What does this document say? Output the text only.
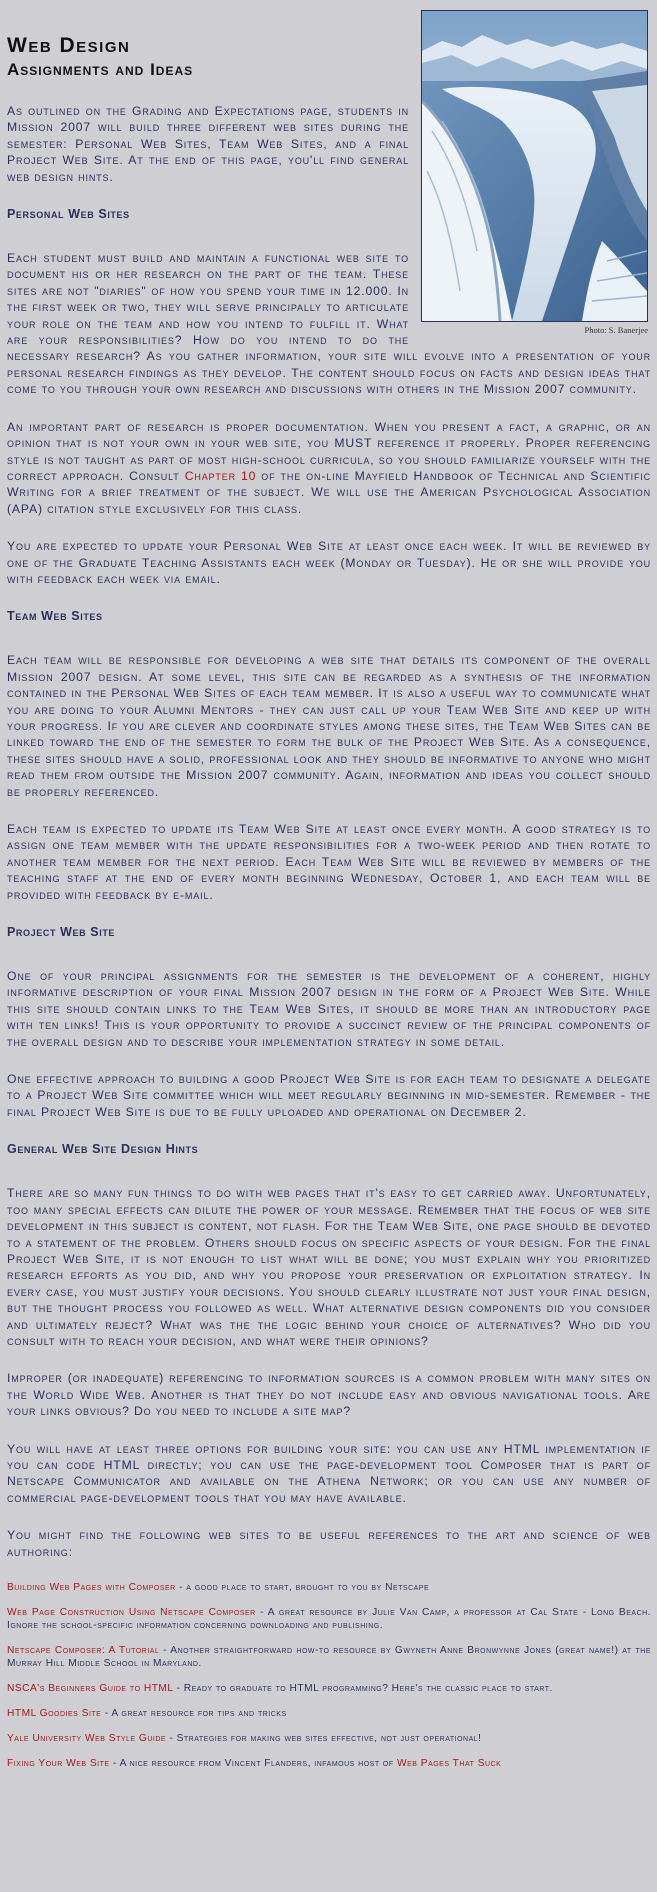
Photo: S. Banerjee
Web Design
Assignments and Ideas

As outlined on the Grading and Expectations page, students in Mission 2007 will build three different web sites during the semester: Personal Web Sites, Team Web Sites, and a final Project Web Site. At the end of this page, you'll find general web design hints.

Personal Web Sites

Each student must build and maintain a functional web site to document his or her research on the part of the team. These sites are not "diaries" of how you spend your time in 12.000. In the first week or two, they will serve principally to articulate your role on the team and how you intend to fulfill it. What are your responsibilities? How do you intend to do the necessary research? As you gather information, your site will evolve into a presentation of your personal research findings as they develop. The content should focus on facts and design ideas that come to you through your own research and discussions with others in the Mission 2007 community.

An important part of research is proper documentation. When you present a fact, a graphic, or an opinion that is not your own in your web site, you MUST reference it properly. Proper referencing style is not taught as part of most high-school curricula, so you should familiarize yourself with the correct approach. Consult Chapter 10 of the on-line Mayfield Handbook of Technical and Scientific Writing for a brief treatment of the subject. We will use the American Psychological Association (APA) citation style exclusively for this class.

You are expected to update your Personal Web Site at least once each week. It will be reviewed by one of the Graduate Teaching Assistants each week (Monday or Tuesday). He or she will provide you with feedback each week via email.

Team Web Sites

Each team will be responsible for developing a web site that details its component of the overall Mission 2007 design. At some level, this site can be regarded as a synthesis of the information contained in the Personal Web Sites of each team member. It is also a useful way to communicate what you are doing to your Alumni Mentors - they can just call up your Team Web Site and keep up with your progress. If you are clever and coordinate styles among these sites, the Team Web Sites can be linked toward the end of the semester to form the bulk of the Project Web Site. As a consequence, these sites should have a solid, professional look and they should be informative to anyone who might read them from outside the Mission 2007 community. Again, information and ideas you collect should be properly referenced.

Each team is expected to update its Team Web Site at least once every month. A good strategy is to assign one team member with the update responsibilities for a two-week period and then rotate to another team member for the next period. Each Team Web Site will be reviewed by members of the teaching staff at the end of every month beginning Wednesday, October 1, and each team will be provided with feedback by e-mail.

Project Web Site

One of your principal assignments for the semester is the development of a coherent, highly informative description of your final Mission 2007 design in the form of a Project Web Site. While this site should contain links to the Team Web Sites, it should be more than an introductory page with ten links! This is your opportunity to provide a succinct review of the principal components of the overall design and to describe your implementation strategy in some detail.

One effective approach to building a good Project Web Site is for each team to designate a delegate to a Project Web Site committee which will meet regularly beginning in mid-semester. Remember - the final Project Web Site is due to be fully uploaded and operational on December 2.

General Web Site Design Hints

There are so many fun things to do with web pages that it's easy to get carried away. Unfortunately, too many special effects can dilute the power of your message. Remember that the focus of web site development in this subject is content, not flash. For the Team Web Site, one page should be devoted to a statement of the problem. Others should focus on specific aspects of your design. For the final Project Web Site, it is not enough to list what will be done; you must explain why you prioritized research efforts as you did, and why you propose your preservation or exploitation strategy. In every case, you must justify your decisions. You should clearly illustrate not just your final design, but the thought process you followed as well. What alternative design components did you consider and ultimately reject? What was the the logic behind your choice of alternatives? Who did you consult with to reach your decision, and what were their opinions?

Improper (or inadequate) referencing to information sources is a common problem with many sites on the World Wide Web. Another is that they do not include easy and obvious navigational tools. Are your links obvious? Do you need to include a site map?

You will have at least three options for building your site: you can use any HTML implementation if you can code HTML directly; you can use the page-development tool Composer that is part of Netscape Communicator and available on the Athena Network; or you can use any number of commercial page-development tools that you may have available.

You might find the following web sites to be useful references to the art and science of web authoring:

Building Web Pages with Composer - a good place to start, brought to you by Netscape
Web Page Construction Using Netscape Composer - A great resource by Julie Van Camp, a professor at Cal State - Long Beach. Ignore the school-specific information concerning downloading and publishing.
Netscape Composer: A Tutorial - Another straightforward how-to resource by Gwyneth Anne Bronwynne Jones (great name!) at the Murray Hill Middle School in Maryland.
NSCA's Beginners Guide to HTML - Ready to graduate to HTML programming? Here's the classic place to start.
HTML Goodies Site - A great resource for tips and tricks
Yale University Web Style Guide - Strategies for making web sites effective, not just operational!
Fixing Your Web Site - A nice resource from Vincent Flanders, infamous host of Web Pages That Suck
